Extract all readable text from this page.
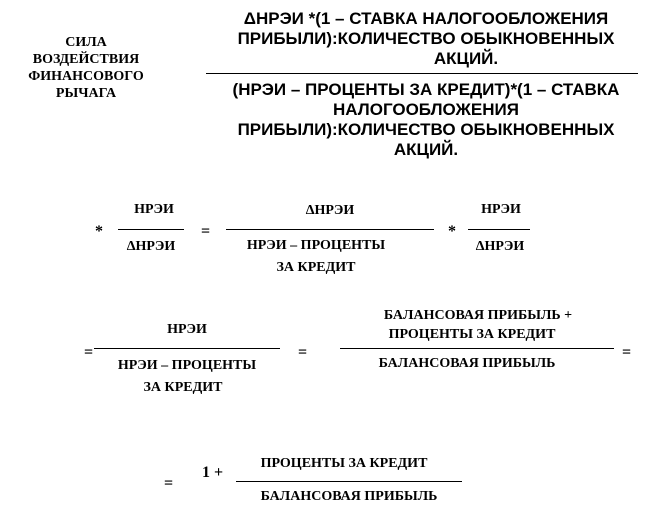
СИЛА
ВОЗДЕЙСТВИЯ
ФИНАНСОВОГО
РЫЧАГА
ΔНРЭИ *(1 – СТАВКА НАЛОГООБЛОЖЕНИЯ
ПРИБЫЛИ):КОЛИЧЕСТВО ОБЫКНОВЕННЫХ
АКЦИЙ.
(НРЭИ – ПРОЦЕНТЫ ЗА КРЕДИТ)*(1 – СТАВКА
НАЛОГООБЛОЖЕНИЯ
ПРИБЫЛИ):КОЛИЧЕСТВО ОБЫКНОВЕННЫХ
АКЦИЙ.
*
НРЭИ
ΔНРЭИ
=
ΔНРЭИ
НРЭИ – ПРОЦЕНТЫ
ЗА КРЕДИТ
*
НРЭИ
ΔНРЭИ
=
НРЭИ
НРЭИ – ПРОЦЕНТЫ
ЗА КРЕДИТ
=
БАЛАНСОВАЯ ПРИБЫЛЬ +
ПРОЦЕНТЫ ЗА КРЕДИТ
БАЛАНСОВАЯ ПРИБЫЛЬ
=
=
1 +
ПРОЦЕНТЫ ЗА КРЕДИТ
БАЛАНСОВАЯ ПРИБЫЛЬ
